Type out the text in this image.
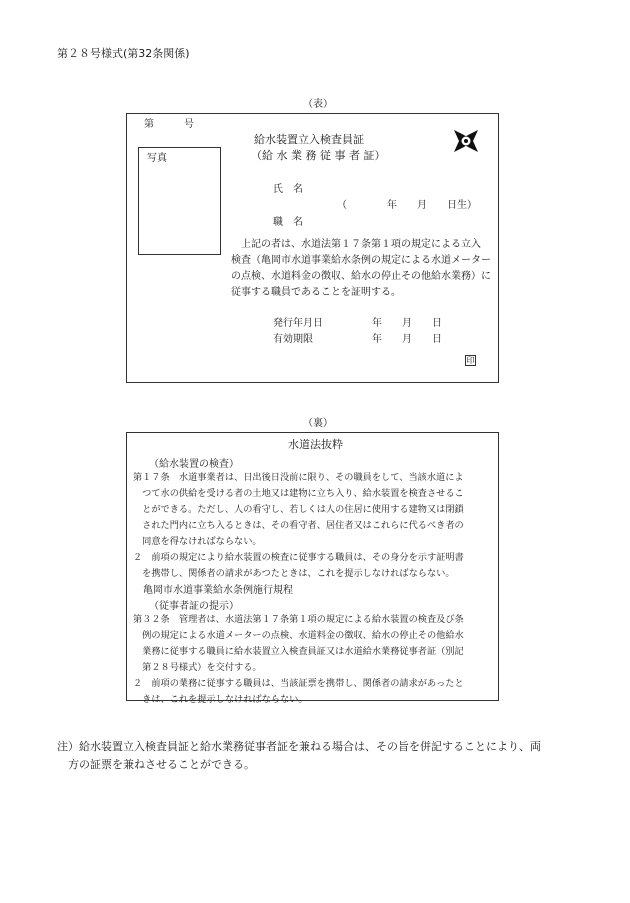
第２８号様式(第32条関係)
（表）
第　　　号
給水装置立入検査員証
（給 水 業 務 従 事 者 証）
写真
氏　名
（　　　　年　　月　　日生）
職　名
上記の者は、水道法第１７条第１項の規定による立入
検査（亀岡市水道事業給水条例の規定による水道メーター
の点検、水道料金の徴収、給水の停止その他給水業務）に
従事する職員であることを証明する。
発行年月日	年　　月　　日
有効期限	年　　月　　日
印
（裏）
水道法抜粋
（給水装置の検査）
第１７条　水道事業者は、日出後日没前に限り、その職員をして、当該水道によ
　つて水の供給を受ける者の土地又は建物に立ち入り、給水装置を検査させるこ
　とができる。ただし、人の看守し、若しくは人の住居に使用する建物又は閉鎖
　された門内に立ち入るときは、その看守者、居住者又はこれらに代るべき者の
　同意を得なければならない。
２　前項の規定により給水装置の検査に従事する職員は、その身分を示す証明書
　を携帯し、関係者の請求があつたときは、これを提示しなければならない。
亀岡市水道事業給水条例施行規程
（従事者証の提示）
第３２条　管理者は、水道法第１７条第１項の規定による給水装置の検査及び条
　例の規定による水道メーターの点検、水道料金の徴収、給水の停止その他給水
　業務に従事する職員に給水装置立入検査員証又は水道給水業務従事者証（別記
　第２８号様式）を交付する。
２　前項の業務に従事する職員は、当該証票を携帯し、関係者の請求があったと
　きは、これを提示しなければならない。
注）給水装置立入検査員証と給水業務従事者証を兼ねる場合は、その旨を併記することにより、両
　方の証票を兼ねさせることができる。
